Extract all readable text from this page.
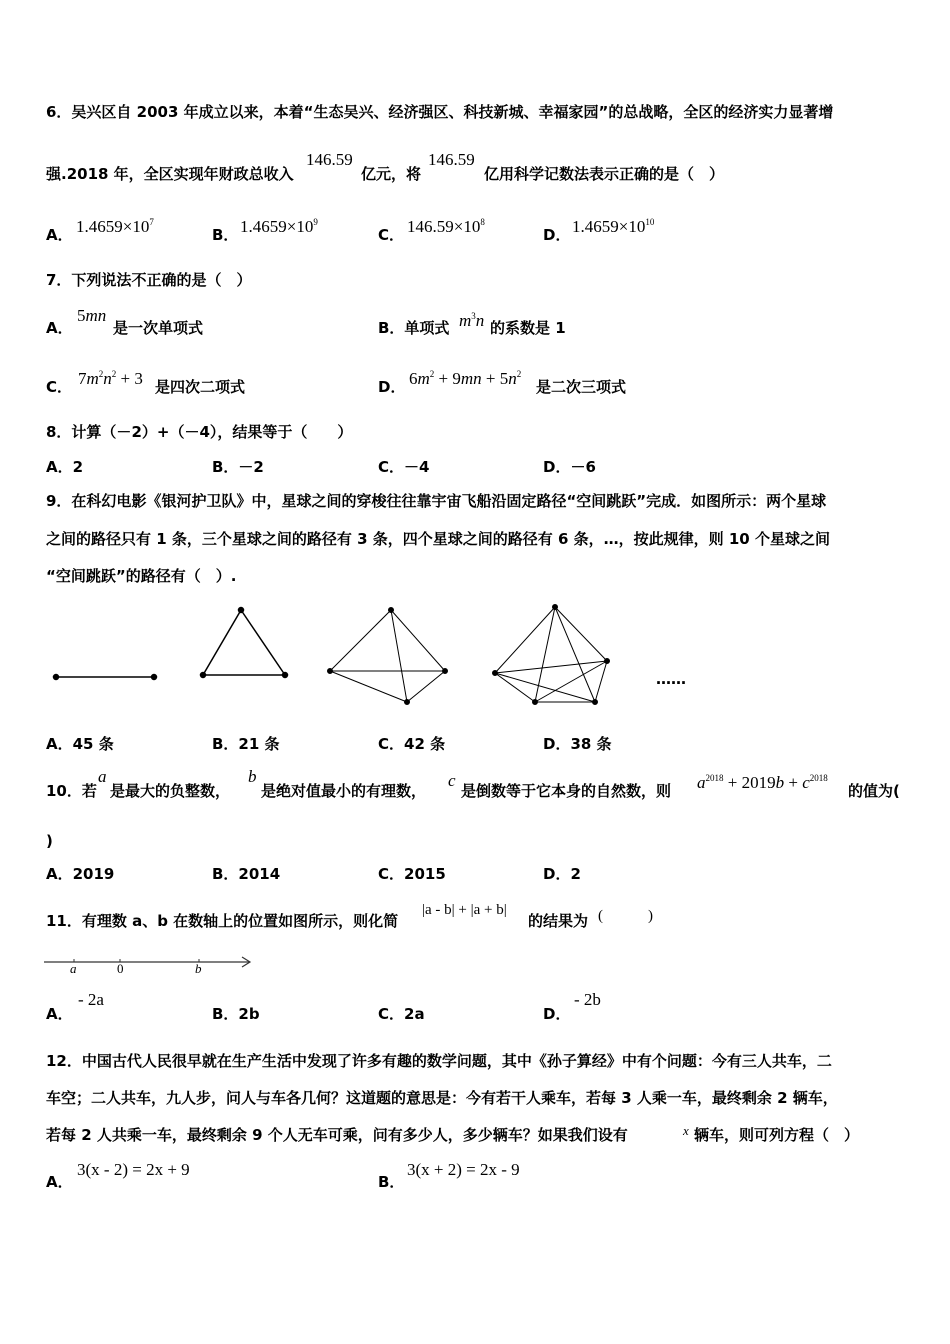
6．吴兴区自 2003 年成立以来，本着“生态吴兴、经济强区、科技新城、幸福家园”的总战略，全区的经济实力显著增
强.2018 年，全区实现年财政总收入
146.59
亿元，将
146.59
亿用科学记数法表示正确的是（　）
A． $1.4659\times 10^7$
B． $1.4659\times 10^9$
C． $146.59\times 10^8$
D． $1.4659\times 10^{10}$
7．下列说法不正确的是（　）
A．
5mn
是一次单项式	B．单项式 $m^3n$ 的系数是 1
C． $7m^2n^2 + 3$ 是四次二项式	D． $6m^2 + 9mn + 5n^2$
是二次三项式
8．计算（－2）+（－4），结果等于（　　）
A．2	B．－2	C．－4	D．－6
9．在科幻电影《银河护卫队》中，星球之间的穿梭往往靠宇宙飞船沿固定路径“空间跳跃”完成．如图所示：两个星球
之间的路径只有 1 条，三个星球之间的路径有 3 条，四个星球之间的路径有 6 条，…，按此规律，则 10 个星球之间
“空间跳跃”的路径有（　）.
……
A．45 条	B．21 条	C．42 条	D．38 条
10．若
a
是最大的负整数，
b
是绝对值最小的有理数，
c
是倒数等于它本身的自然数，则 $a^{2018} + 2019b + c^{2018}$
的值为(
)
A．2019	B．2014	C．2015	D．2
11．有理数 a、b 在数轴上的位置如图所示，则化简
|a - b| + |a + b|
的结果为 (　　　)
a	0	b
A．
- 2a
B．2b	C．2a	D．
- 2b
12．中国古代人民很早就在生产生活中发现了许多有趣的数学问题，其中《孙子算经》中有个问题：今有三人共车，二
车空；二人共车，九人步，问人与车各几何？这道题的意思是：今有若干人乘车，若每 3 人乘一车，最终剩余 2 辆车，
若每 2 人共乘一车，最终剩余 9 个人无车可乘，问有多少人，多少辆车？如果我们设有	x 辆车，则可列方程（　）
A．
3(x - 2) = 2x + 9
B．
3(x + 2) = 2x - 9
